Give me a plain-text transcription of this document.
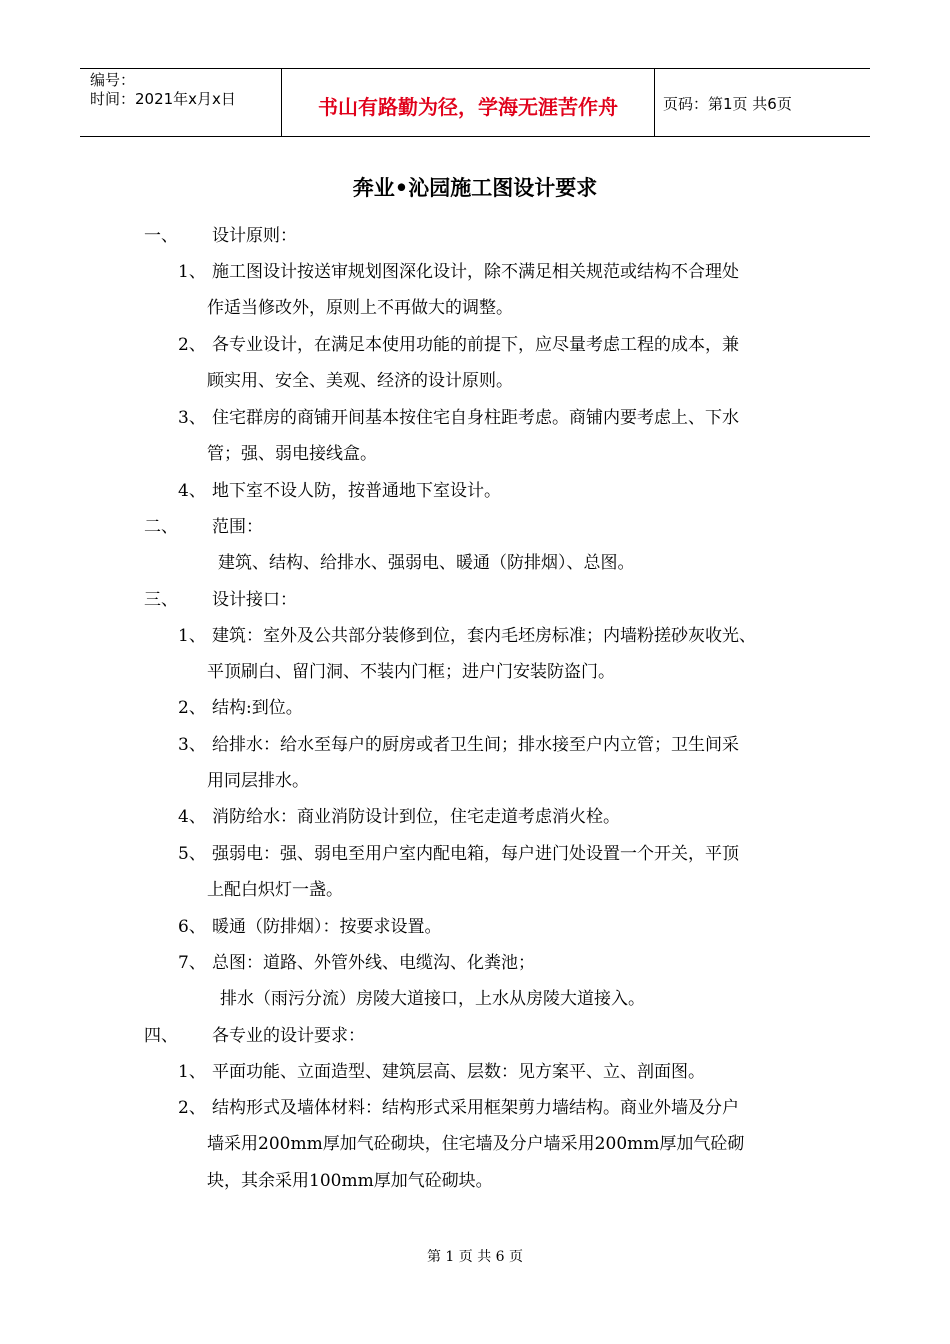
编号：
时间：2021年x月x日	书山有路勤为径，学海无涯苦作舟	页码：第1页 共6页
奔业•沁园施工图设计要求
一、 设计原则：
1、 施工图设计按送审规划图深化设计，除不满足相关规范或结构不合理处
作适当修改外，原则上不再做大的调整。
2、 各专业设计，在满足本使用功能的前提下，应尽量考虑工程的成本，兼
顾实用、安全、美观、经济的设计原则。
3、 住宅群房的商铺开间基本按住宅自身柱距考虑。商铺内要考虑上、下水
管；强、弱电接线盒。
4、 地下室不设人防，按普通地下室设计。
二、 范围：
建筑、结构、给排水、强弱电、暖通（防排烟）、总图。
三、 设计接口：
1、 建筑：室外及公共部分装修到位，套内毛坯房标准；内墙粉搓砂灰收光、
平顶刷白、留门洞、不装内门框；进户门安装防盗门。
2、 结构:到位。
3、 给排水：给水至每户的厨房或者卫生间；排水接至户内立管；卫生间采
用同层排水。
4、 消防给水：商业消防设计到位，住宅走道考虑消火栓。
5、 强弱电：强、弱电至用户室内配电箱，每户进门处设置一个开关，平顶
上配白炽灯一盏。
6、 暖通（防排烟）：按要求设置。
7、 总图：道路、外管外线、电缆沟、化粪池；
排水（雨污分流）房陵大道接口，上水从房陵大道接入。
四、 各专业的设计要求：
1、 平面功能、立面造型、建筑层高、层数：见方案平、立、剖面图。
2、 结构形式及墙体材料：结构形式采用框架剪力墙结构。商业外墙及分户
墙采用200mm厚加气砼砌块，住宅墙及分户墙采用200mm厚加气砼砌
块，其余采用100mm厚加气砼砌块。
第 1 页 共 6 页
